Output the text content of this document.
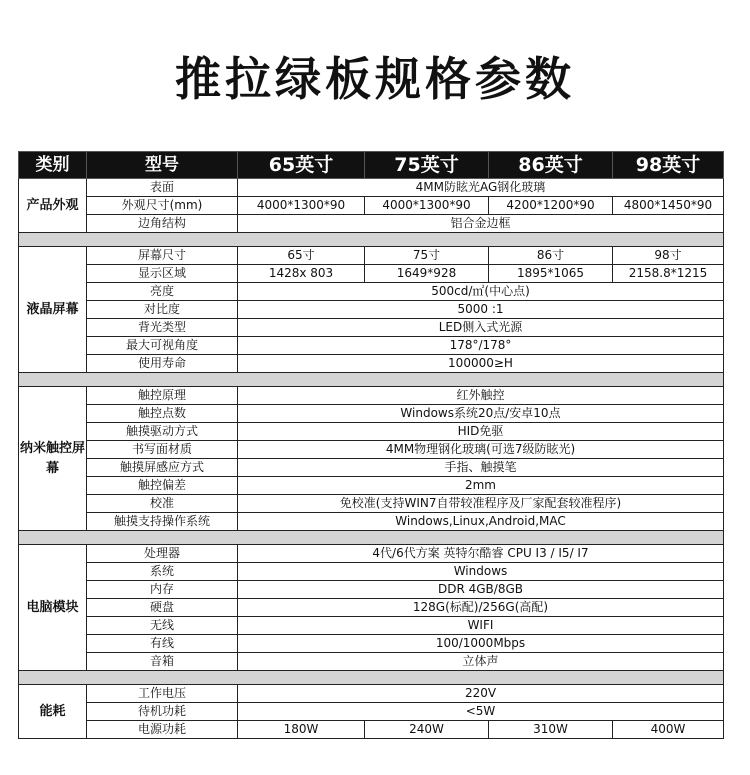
推拉绿板规格参数
类别	型号	65英寸	75英寸	86英寸	98英寸
产品外观	表面	4MM防眩光AG钢化玻璃			
	外观尺寸(mm)	4000*1300*90	4000*1300*90	4200*1200*90	4800*1450*90
	边角结构	铝合金边框			

液晶屏幕	屏幕尺寸	65寸	75寸	86寸	98寸
	显示区域	1428x 803	1649*928	1895*1065	2158.8*1215
	亮度	500cd/㎡(中心点)			
	对比度	5000 :1			
	背光类型	LED侧入式光源			
	最大可视角度	178°/178°			
	使用寿命	100000≥H			

纳米触控屏幕	触控原理	红外触控			
	触控点数	Windows系统20点/安卓10点			
	触摸驱动方式	HID免驱			
	书写面材质	4MM物理钢化玻璃(可选7级防眩光)			
	触摸屏感应方式	手指、触摸笔			
	触控偏差	2mm			
	校准	免校准(支持WIN7自带较准程序及厂家配套较准程序)			
	触摸支持操作系统	Windows,Linux,Android,MAC			

电脑模块	处理器	4代/6代方案 英特尔酷睿 CPU I3 / I5/ I7			
	系统	Windows			
	内存	DDR 4GB/8GB			
	硬盘	128G(标配)/256G(高配)			
	无线	WIFI			
	有线	100/1000Mbps			
	音箱	立体声			

能耗	工作电压	220V			
	待机功耗	<5W			
	电源功耗	180W	240W	310W	400W
